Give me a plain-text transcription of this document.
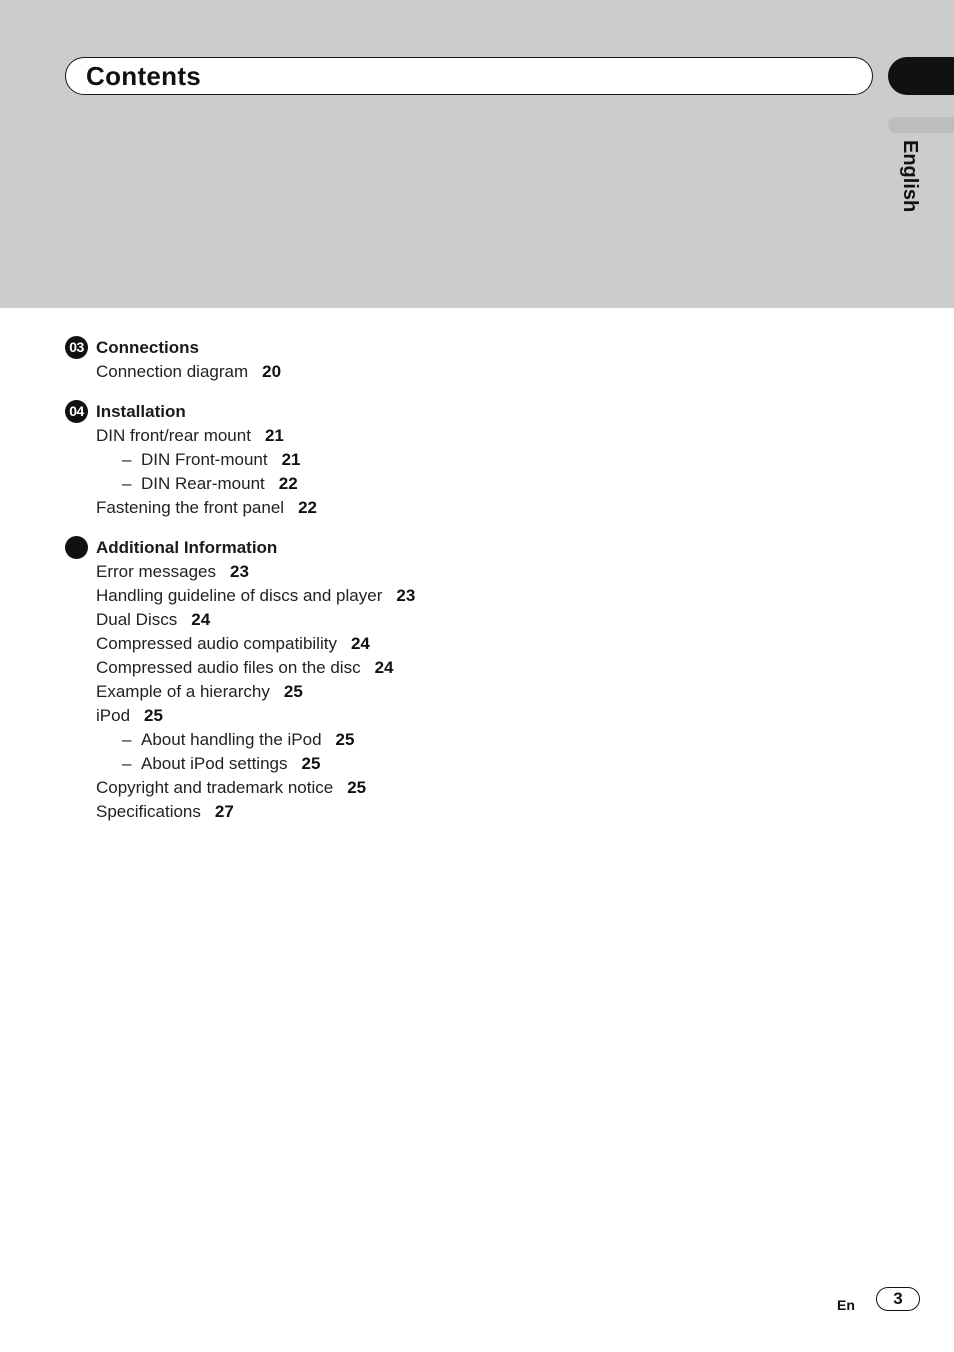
Contents
English
03 Connections
Connection diagram 20
04 Installation
DIN front/rear mount 21
– DIN Front-mount 21
– DIN Rear-mount 22
Fastening the front panel 22
Additional Information
Error messages 23
Handling guideline of discs and player 23
Dual Discs 24
Compressed audio compatibility 24
Compressed audio files on the disc 24
Example of a hierarchy 25
iPod 25
– About handling the iPod 25
– About iPod settings 25
Copyright and trademark notice 25
Specifications 27
En	3
